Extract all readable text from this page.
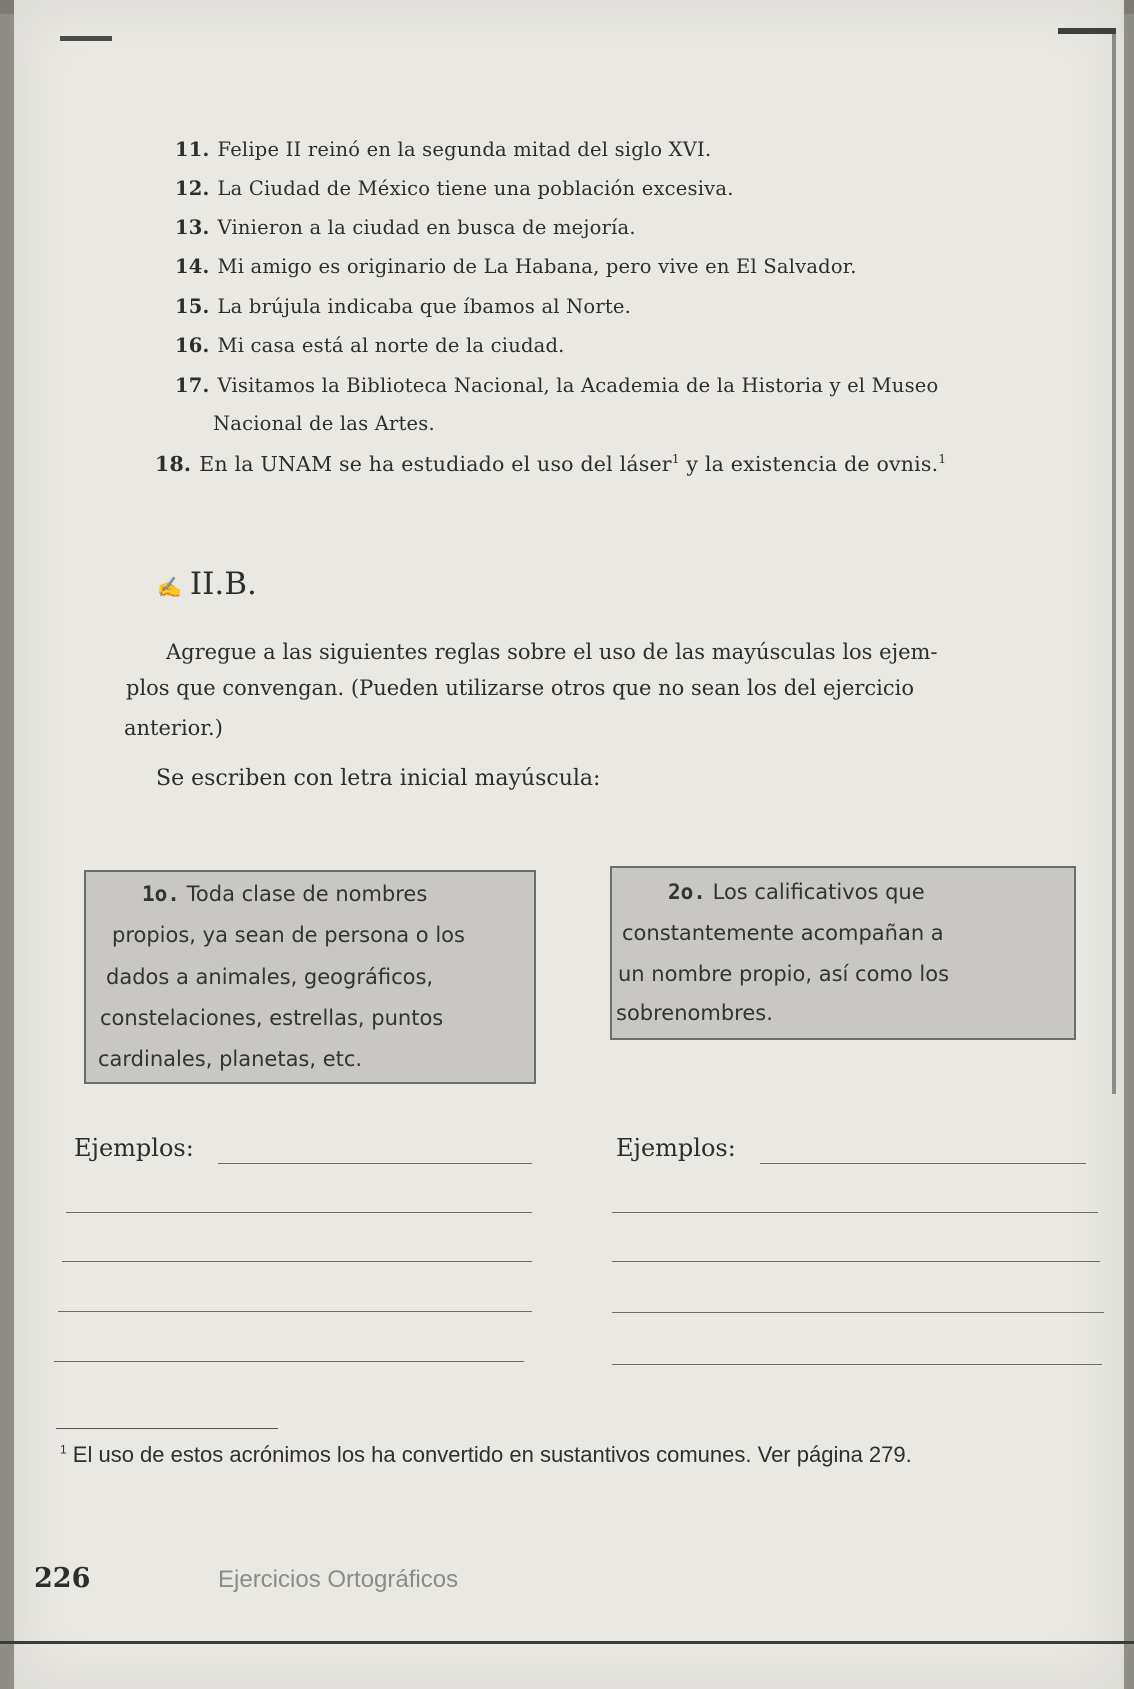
11. Felipe II reinó en la segunda mitad del siglo XVI.
12. La Ciudad de México tiene una población excesiva.
13. Vinieron a la ciudad en busca de mejoría.
14. Mi amigo es originario de La Habana, pero vive en El Salvador.
15. La brújula indicaba que íbamos al Norte.
16. Mi casa está al norte de la ciudad.
17. Visitamos la Biblioteca Nacional, la Academia de la Historia y el Museo
Nacional de las Artes.
18. En la UNAM se ha estudiado el uso del láser$^1$ y la existencia de ovnis.$^1$
✍ II.B.
Agregue a las siguientes reglas sobre el uso de las mayúsculas los ejem-
plos que convengan. (Pueden utilizarse otros que no sean los del ejercicio
anterior.)
Se escriben con letra inicial mayúscula:
1o. Toda clase de nombres
propios, ya sean de persona o los
dados a animales, geográficos,
constelaciones, estrellas, puntos
cardinales, planetas, etc.
2o. Los calificativos que
constantemente acompañan a
un nombre propio, así como los
sobrenombres.
Ejemplos:	Ejemplos:
$^1$ El uso de estos acrónimos los ha convertido en sustantivos comunes. Ver página 279.
226	Ejercicios Ortográficos
